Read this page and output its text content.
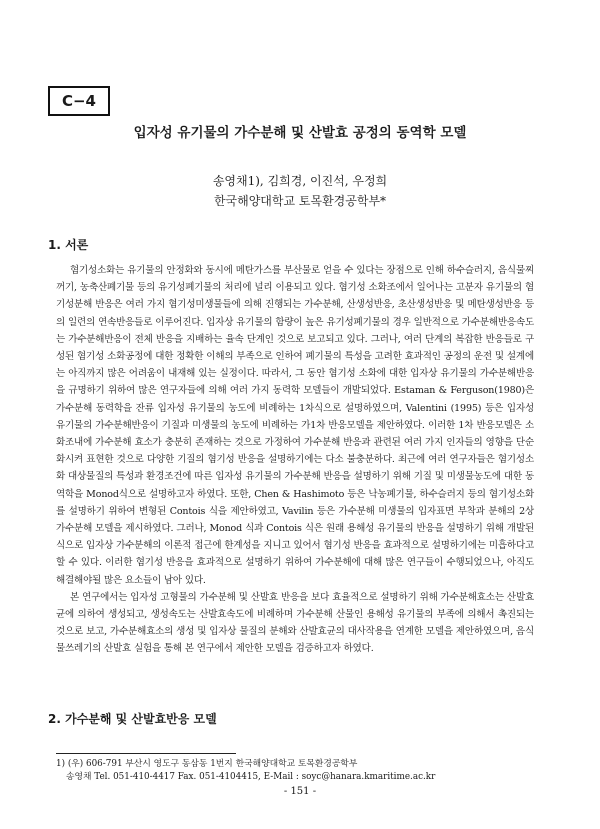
C−4
입자성 유기물의 가수분해 및 산발효 공정의 동역학 모델
송영채1), 김희경, 이진석, 우정희
한국해양대학교 토목환경공학부*
1. 서론

혐기성소화는 유기물의 안정화와 동시에 메탄가스를 부산물로 얻을 수 있다는 장점으로 인해 하수슬러지, 음식물찌꺼기, 농축산폐기물 등의 유기성폐기물의 처리에 널리 이용되고 있다. 혐기성 소화조에서 일어나는 고분자 유기물의 혐기성분해 반응은 여러 가지 혐기성미생물들에 의해 진행되는 가수분해, 산생성반응, 초산생성반응 및 메탄생성반응 등의 일련의 연속반응들로 이루어진다. 입자상 유기물의 함량이 높은 유기성폐기물의 경우 일반적으로 가수분해반응속도는 가수분해반응이 전체 반응을 지배하는 율속 단계인 것으로 보고되고 있다. 그러나, 여러 단계의 복잡한 반응들로 구성된 혐기성 소화공정에 대한 정확한 이해의 부족으로 인하여 폐기물의 특성을 고려한 효과적인 공정의 운전 및 설계에는 아직까지 많은 어려움이 내재해 있는 실정이다. 따라서, 그 동안 혐기성 소화에 대한 입자상 유기물의 가수분해반응을 규명하기 위하여 많은 연구자들에 의해 여러 가지 동력학 모델들이 개발되었다. Estaman & Ferguson(1980)은 가수분해 동력학을 잔류 입자성 유기물의 농도에 비례하는 1차식으로 설명하였으며, Valentini (1995) 등은 입자성 유기물의 가수분해반응이 기질과 미생물의 농도에 비례하는 가1차 반응모델을 제안하였다. 이러한 1차 반응모델은 소화조내에 가수분해 효소가 충분히 존재하는 것으로 가정하여 가수분해 반응과 관련된 여러 가지 인자들의 영향을 단순화시켜 표현한 것으로 다양한 기질의 혐기성 반응을 설명하기에는 다소 불충분하다. 최근에 여러 연구자들은 혐기성소화 대상물질의 특성과 환경조건에 따른 입자성 유기물의 가수분해 반응을 설명하기 위해 기질 및 미생물농도에 대한 동역학을 Monod식으로 설명하고자 하였다. 또한, Chen & Hashimoto 등은 낙농폐기물, 하수슬러지 등의 혐기성소화를 설명하기 위하여 변형된 Contois 식을 제안하였고, Vavilin 등은 가수분해 미생물의 입자표면 부착과 분해의 2상 가수분해 모델을 제시하였다. 그러나, Monod 식과 Contois 식은 원래 용해성 유기물의 반응을 설명하기 위해 개발된 식으로 입자상 가수분해의 이론적 접근에 한계성을 지니고 있어서 혐기성 반응을 효과적으로 설명하기에는 미흡하다고 할 수 있다. 이러한 혐기성 반응을 효과적으로 설명하기 위하여 가수분해에 대해 많은 연구들이 수행되었으나, 아직도 해결해야될 많은 요소들이 남아 있다.

본 연구에서는 입자성 고형물의 가수분해 및 산발효 반응을 보다 효율적으로 설명하기 위해 가수분해효소는 산발효균에 의하여 생성되고, 생성속도는 산발효속도에 비례하며 가수분해 산물인 용해성 유기물의 부족에 의해서 촉진되는 것으로 보고, 가수분해효소의 생성 및 입자상 물질의 분해와 산발효균의 대사작용을 연계한 모델을 제안하였으며, 음식물쓰레기의 산발효 실험을 통해 본 연구에서 제안한 모델을 검증하고자 하였다.

2. 가수분해 및 산발효반응 모델
1) (우) 606-791 부산시 영도구 동삼동 1번지 한국해양대학교 토목환경공학부
송영채 Tel. 051-410-4417 Fax. 051-4104415, E-Mail : soyc@hanara.kmaritime.ac.kr
- 151 -
